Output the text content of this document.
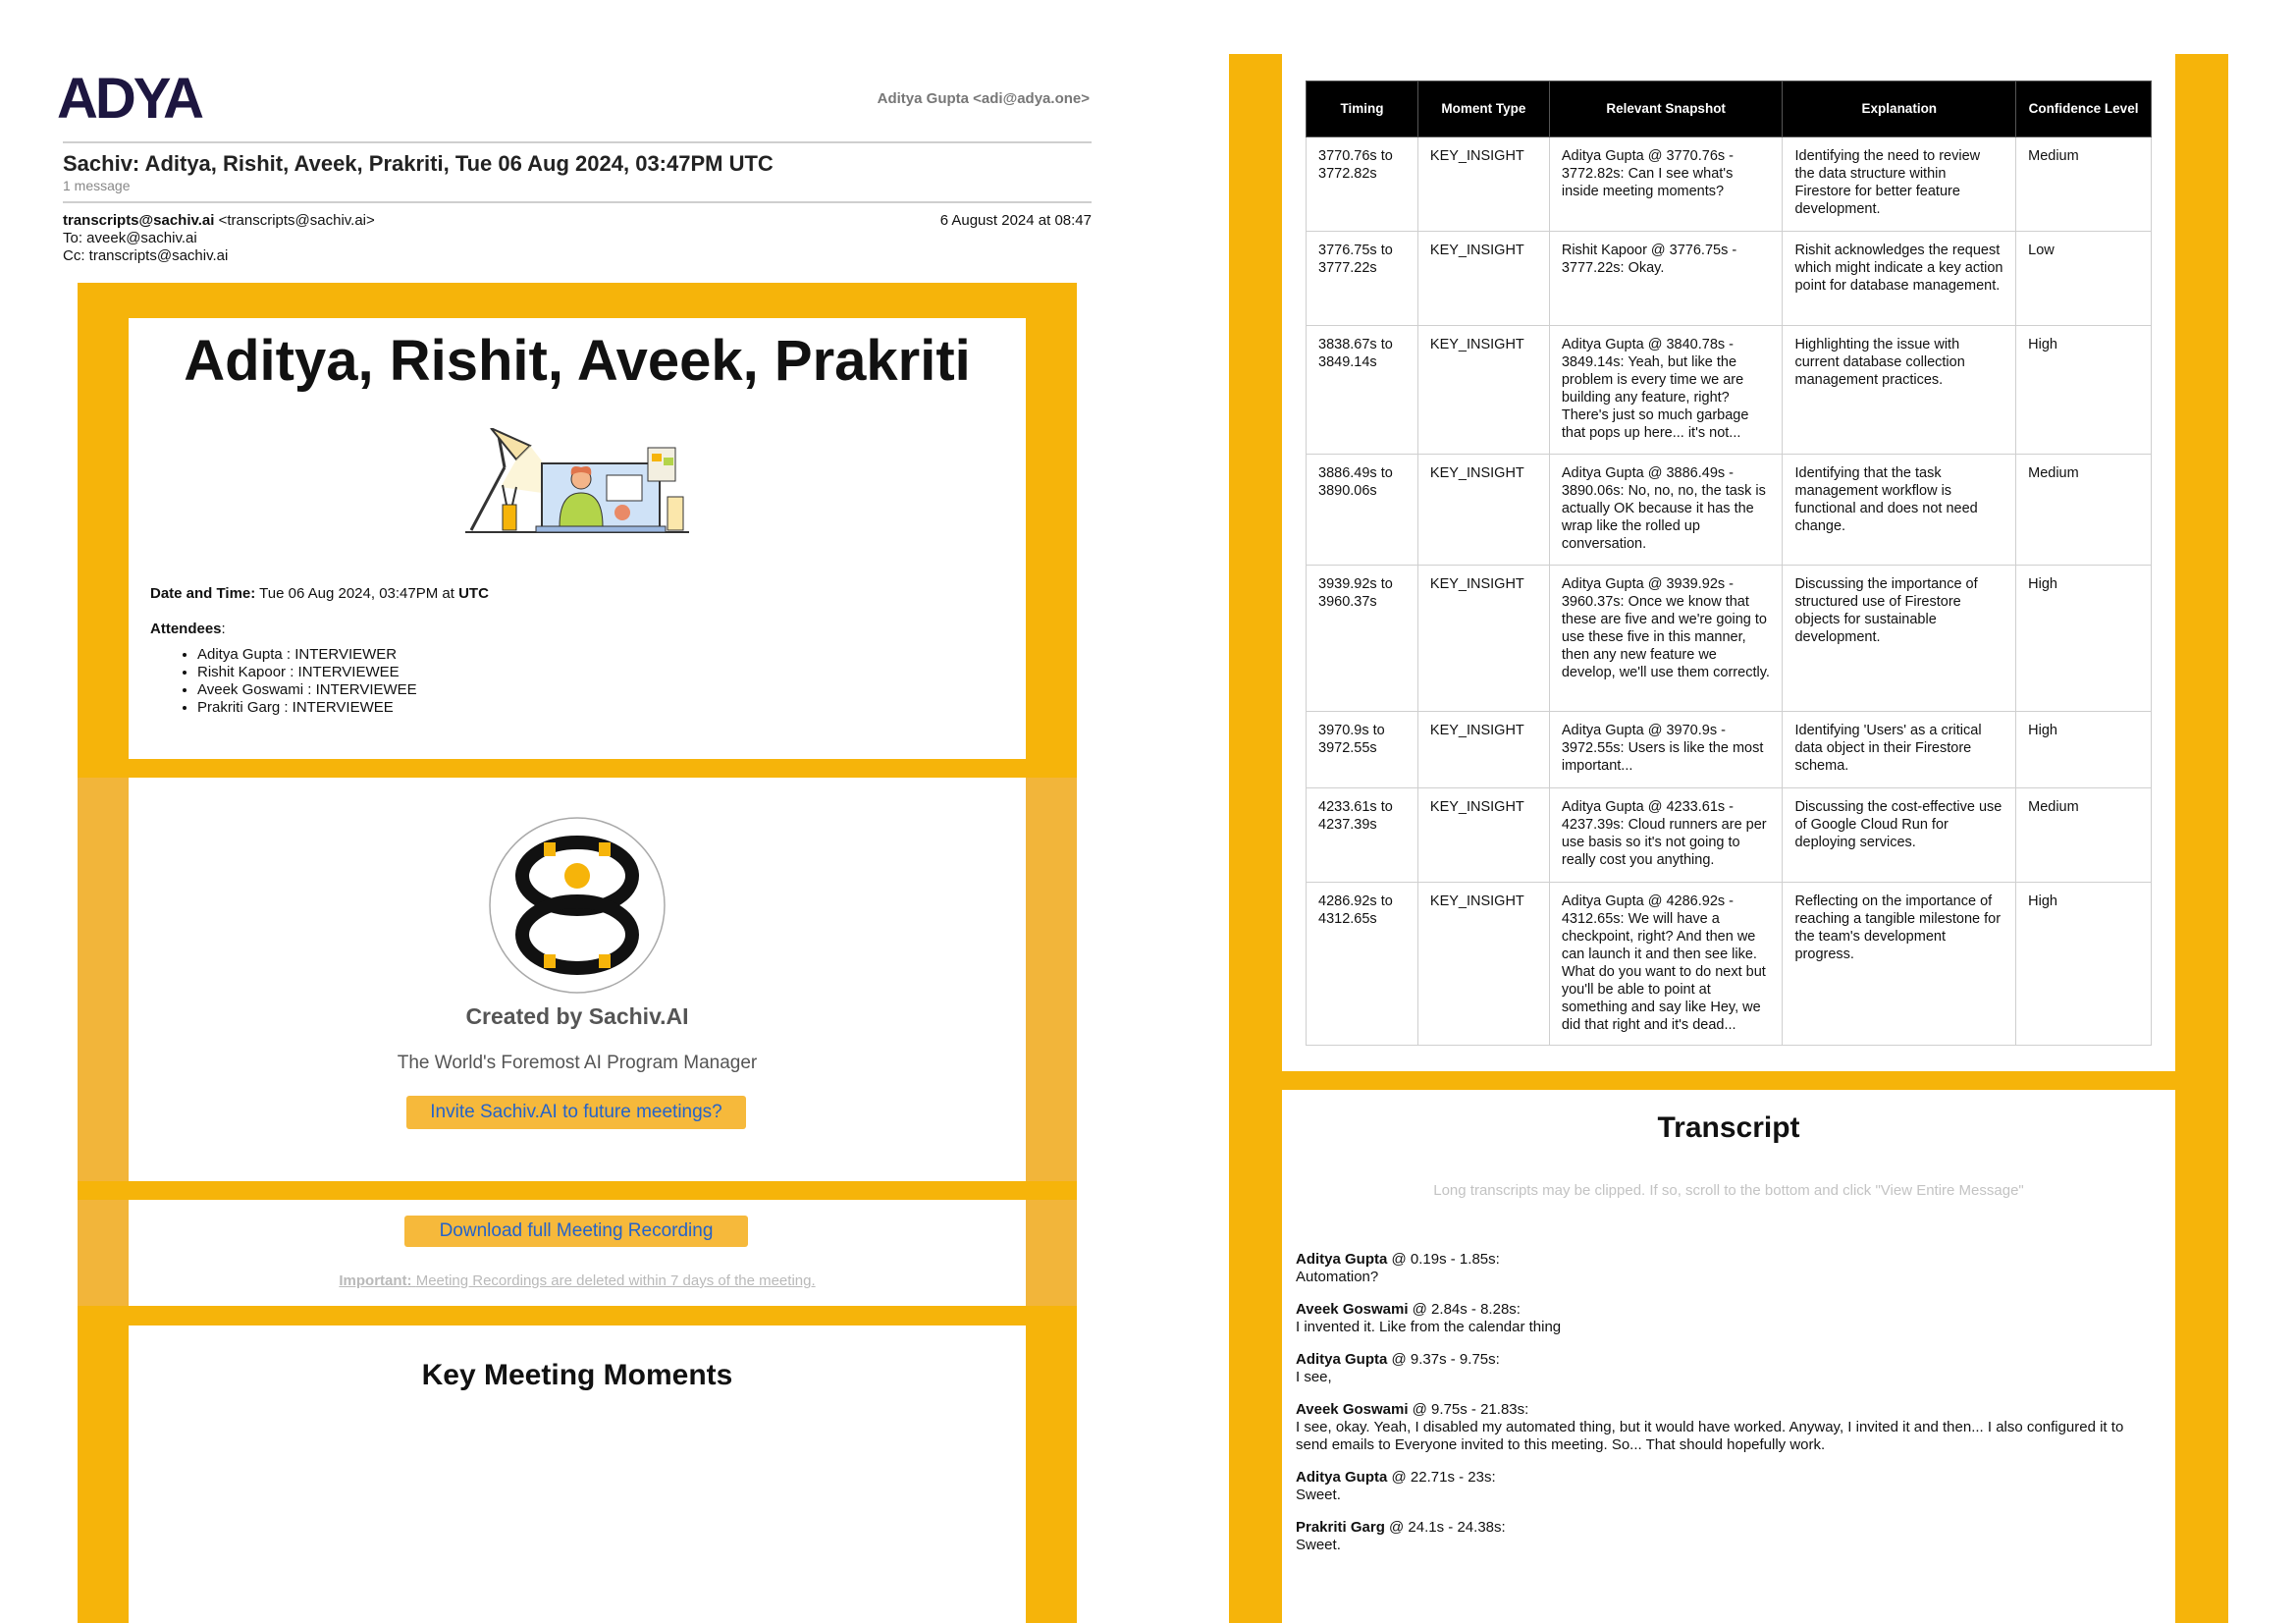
ADYA	Aditya Gupta <adi@adya.one>
Sachiv: Aditya, Rishit, Aveek, Prakriti, Tue 06 Aug 2024, 03:47PM UTC
1 message
transcripts@sachiv.ai <transcripts@sachiv.ai>	6 August 2024 at 08:47
To: aveek@sachiv.ai
Cc: transcripts@sachiv.ai
Aditya, Rishit, Aveek, Prakriti
Date and Time: Tue 06 Aug 2024, 03:47PM at UTC
Attendees:
• Aditya Gupta : INTERVIEWER
• Rishit Kapoor : INTERVIEWEE
• Aveek Goswami : INTERVIEWEE
• Prakriti Garg : INTERVIEWEE
Created by Sachiv.AI
The World's Foremost AI Program Manager
Invite Sachiv.AI to future meetings?
Download full Meeting Recording
Important: Meeting Recordings are deleted within 7 days of the meeting.
Key Meeting Moments
Timing	Moment Type	Relevant Snapshot	Explanation	Confidence Level
3770.76s to 3772.82s	KEY_INSIGHT	Aditya Gupta @ 3770.76s - 3772.82s: Can I see what's inside meeting moments?	Identifying the need to review the data structure within Firestore for better feature development.	Medium
3776.75s to 3777.22s	KEY_INSIGHT	Rishit Kapoor @ 3776.75s - 3777.22s: Okay.	Rishit acknowledges the request which might indicate a key action point for database management.	Low
3838.67s to 3849.14s	KEY_INSIGHT	Aditya Gupta @ 3840.78s - 3849.14s: Yeah, but like the problem is every time we are building any feature, right? There's just so much garbage that pops up here... it's not...	Highlighting the issue with current database collection management practices.	High
3886.49s to 3890.06s	KEY_INSIGHT	Aditya Gupta @ 3886.49s - 3890.06s: No, no, no, the task is actually OK because it has the wrap like the rolled up conversation.	Identifying that the task management workflow is functional and does not need change.	Medium
3939.92s to 3960.37s	KEY_INSIGHT	Aditya Gupta @ 3939.92s - 3960.37s: Once we know that these are five and we're going to use these five in this manner, then any new feature we develop, we'll use them correctly.	Discussing the importance of structured use of Firestore objects for sustainable development.	High
3970.9s to 3972.55s	KEY_INSIGHT	Aditya Gupta @ 3970.9s - 3972.55s: Users is like the most important...	Identifying 'Users' as a critical data object in their Firestore schema.	High
4233.61s to 4237.39s	KEY_INSIGHT	Aditya Gupta @ 4233.61s - 4237.39s: Cloud runners are per use basis so it's not going to really cost you anything.	Discussing the cost-effective use of Google Cloud Run for deploying services.	Medium
4286.92s to 4312.65s	KEY_INSIGHT	Aditya Gupta @ 4286.92s - 4312.65s: We will have a checkpoint, right? And then we can launch it and then see like. What do you want to do next but you'll be able to point at something and say like Hey, we did that right and it's dead...	Reflecting on the importance of reaching a tangible milestone for the team's development progress.	High
Transcript
Long transcripts may be clipped. If so, scroll to the bottom and click "View Entire Message"
Aditya Gupta @ 0.19s - 1.85s:
Automation?
Aveek Goswami @ 2.84s - 8.28s:
I invented it. Like from the calendar thing
Aditya Gupta @ 9.37s - 9.75s:
I see,
Aveek Goswami @ 9.75s - 21.83s:
I see, okay. Yeah, I disabled my automated thing, but it would have worked. Anyway, I invited it and then... I also configured it to send emails to Everyone invited to this meeting. So... That should hopefully work.
Aditya Gupta @ 22.71s - 23s:
Sweet.
Prakriti Garg @ 24.1s - 24.38s:
Sweet.
